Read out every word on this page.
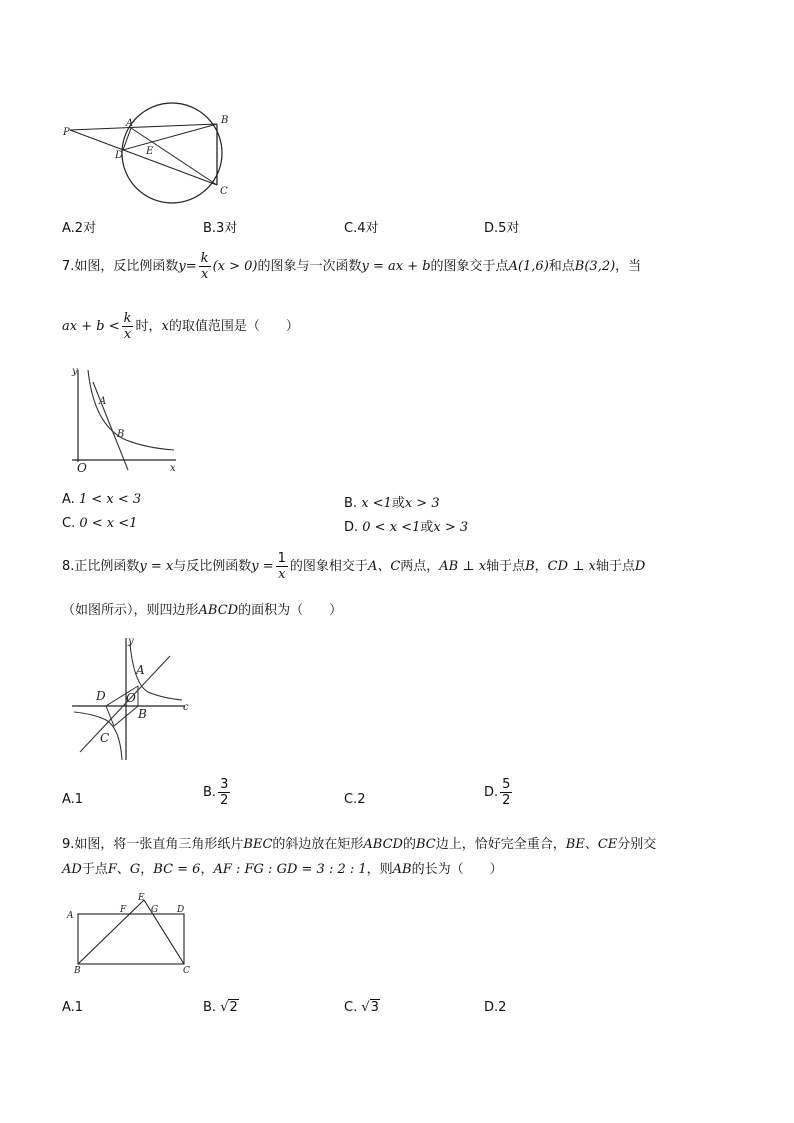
P
A	B
D E
C
A.2对	B.3对	C.4对	D.5对
7.如图，反比例函数$y= \frac{k}{x} (x > 0)$的图象与一次函数y = ax + b的图象交于点A(1,6)和点B(3,2)，当
ax + $b < \frac{k}{x}$ 时，x的取值范围是（　　）
y
A
B
O	x
A. 1 < x < 3	B. x <1或x > 3
C. 0 < x <1	D. 0 < x <1或x > 3
8.正比例函数y = x与反比例函数$y = \frac{1}{x}$ 的图象相交于A、C两点，AB ⊥ x轴于点B，CD ⊥ x轴于点D
（如图所示），则四边形ABCD的面积为（　　）
y
A
D O
B
C
c
A.1	B. $\frac{3}{2}$	C.2	D. $\frac{5}{2}$
9.如图，将一张直角三角形纸片BEC的斜边放在矩形ABCD的BC边上，恰好完全重合，BE、CE分别交
AD于点F、G，BC = 6，AF : FG : GD = 3 : 2 : 1，则AB的长为（　　）
A
F
E
G D
B	C
A.1	B. √2	C. √3	D.2
